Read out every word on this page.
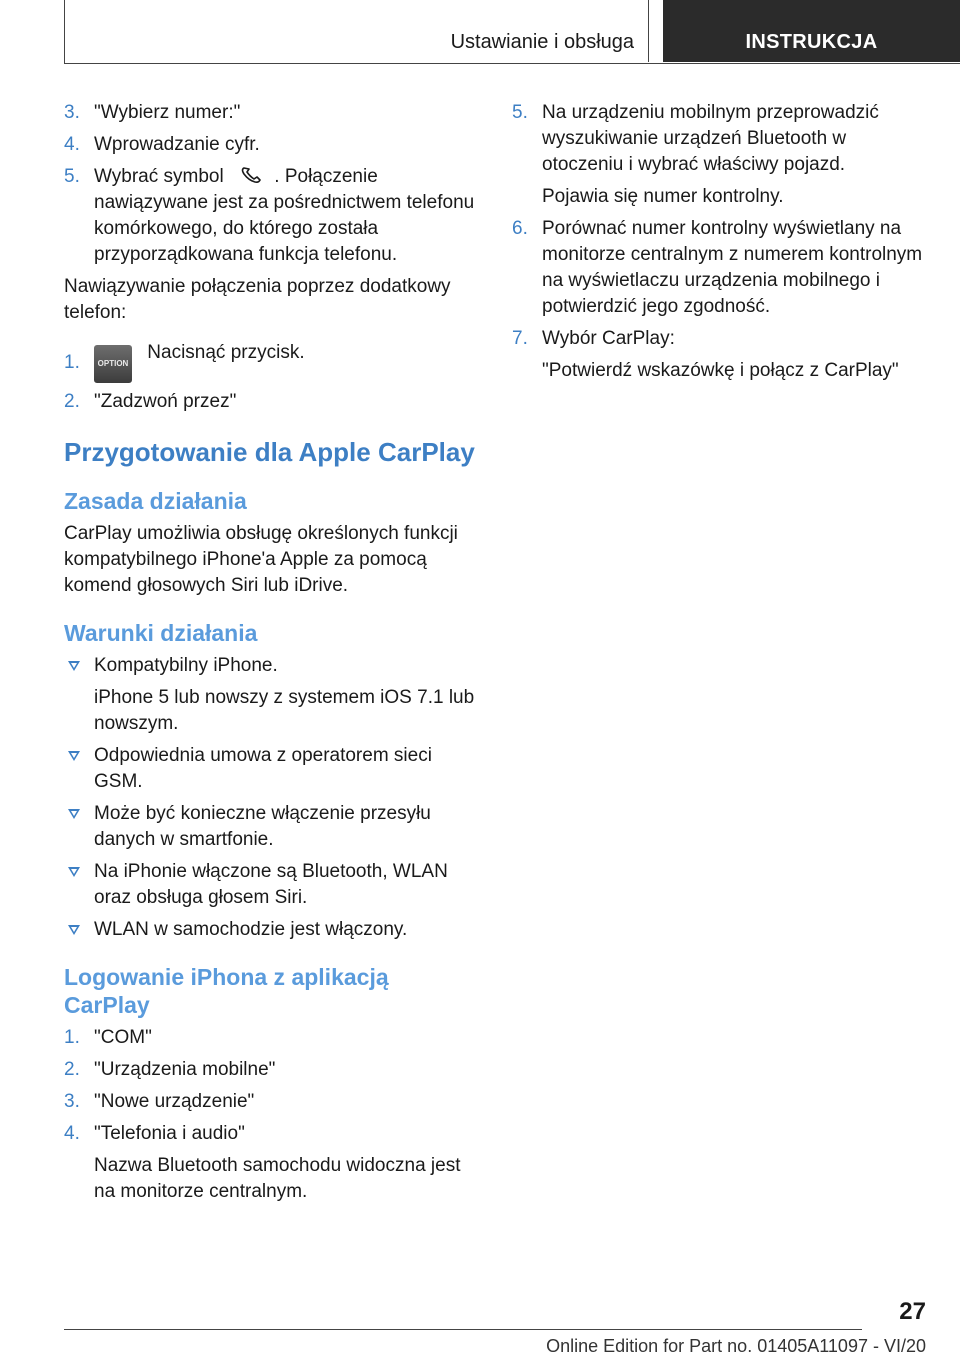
Ustawianie i obsługa	INSTRUKCJA
3. "Wybierz numer:"
4. Wprowadzanie cyfr.
5. Wybrać symbol	. Połączenie nawiązywane jest za pośrednictwem telefonu komórkowego, do którego została przyporządkowana funkcja telefonu.
Nawiązywanie połączenia poprzez dodatkowy telefon:
1. OPTION Nacisnąć przycisk.
2. "Zadzwoń przez"
Przygotowanie dla Apple CarPlay
Zasada działania
CarPlay umożliwia obsługę określonych funkcji kompatybilnego iPhone'a Apple za pomocą komend głosowych Siri lub iDrive.
Warunki działania
Kompatybilny iPhone.
iPhone 5 lub nowszy z systemem iOS 7.1 lub nowszym.
Odpowiednia umowa z operatorem sieci GSM.
Może być konieczne włączenie przesyłu danych w smartfonie.
Na iPhonie włączone są Bluetooth, WLAN oraz obsługa głosem Siri.
WLAN w samochodzie jest włączony.
Logowanie iPhona z aplikacją CarPlay
1. "COM"
2. "Urządzenia mobilne"
3. "Nowe urządzenie"
4. "Telefonia i audio"
Nazwa Bluetooth samochodu widoczna jest na monitorze centralnym.
5. Na urządzeniu mobilnym przeprowadzić wyszukiwanie urządzeń Bluetooth w otoczeniu i wybrać właściwy pojazd.
Pojawia się numer kontrolny.
6. Porównać numer kontrolny wyświetlany na monitorze centralnym z numerem kontrolnym na wyświetlaczu urządzenia mobilnego i potwierdzić jego zgodność.
7. Wybór CarPlay:
"Potwierdź wskazówkę i połącz z CarPlay"
27
Online Edition for Part no. 01405A11097 - VI/20
